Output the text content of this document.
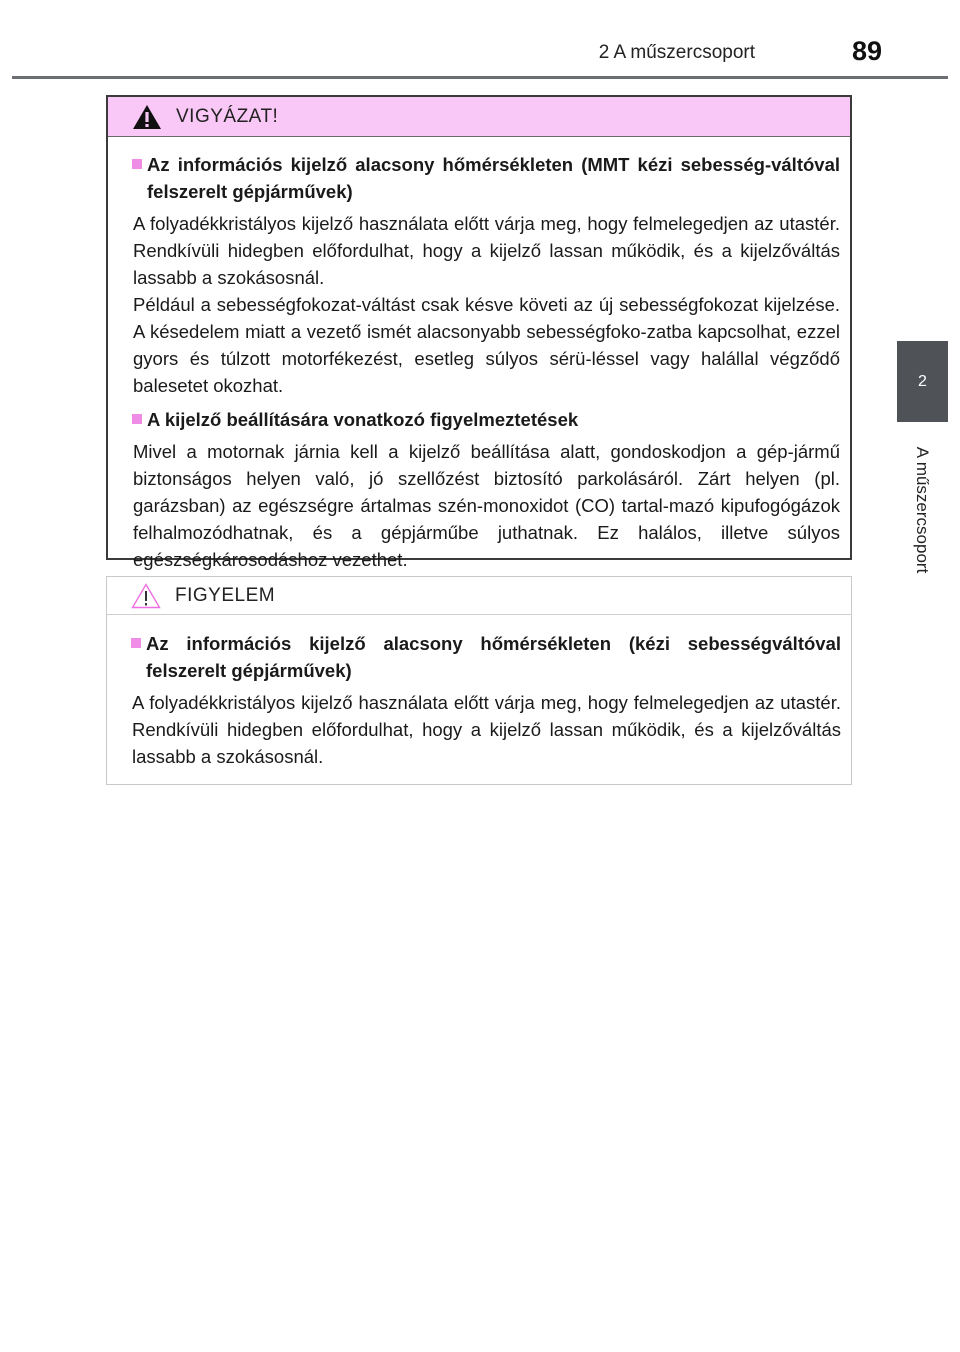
2 A műszercsoport	89
2
A műszercsoport
VIGYÁZAT!
Az információs kijelző alacsony hőmérsékleten (MMT kézi sebesség-váltóval felszerelt gépjárművek)

A folyadékkristályos kijelző használata előtt várja meg, hogy felmelegedjen az utastér. Rendkívüli hidegben előfordulhat, hogy a kijelző lassan működik, és a kijelzőváltás lassabb a szokásosnál.

Például a sebességfokozat-váltást csak késve követi az új sebességfokozat kijelzése. A késedelem miatt a vezető ismét alacsonyabb sebességfoko-zatba kapcsolhat, ezzel gyors és túlzott motorfékezést, esetleg súlyos sérü-léssel vagy halállal végződő balesetet okozhat.

A kijelző beállítására vonatkozó figyelmeztetések

Mivel a motornak járnia kell a kijelző beállítása alatt, gondoskodjon a gép-jármű biztonságos helyen való, jó szellőzést biztosító parkolásáról. Zárt helyen (pl. garázsban) az egészségre ártalmas szén-monoxidot (CO) tartal-mazó kipufogógázok felhalmozódhatnak, és a gépjárműbe juthatnak. Ez halálos, illetve súlyos egészségkárosodáshoz vezethet.

FIGYELEM
Az információs kijelző alacsony hőmérsékleten (kézi sebességváltóval felszerelt gépjárművek)

A folyadékkristályos kijelző használata előtt várja meg, hogy felmelegedjen az utastér. Rendkívüli hidegben előfordulhat, hogy a kijelző lassan működik, és a kijelzőváltás lassabb a szokásosnál.
